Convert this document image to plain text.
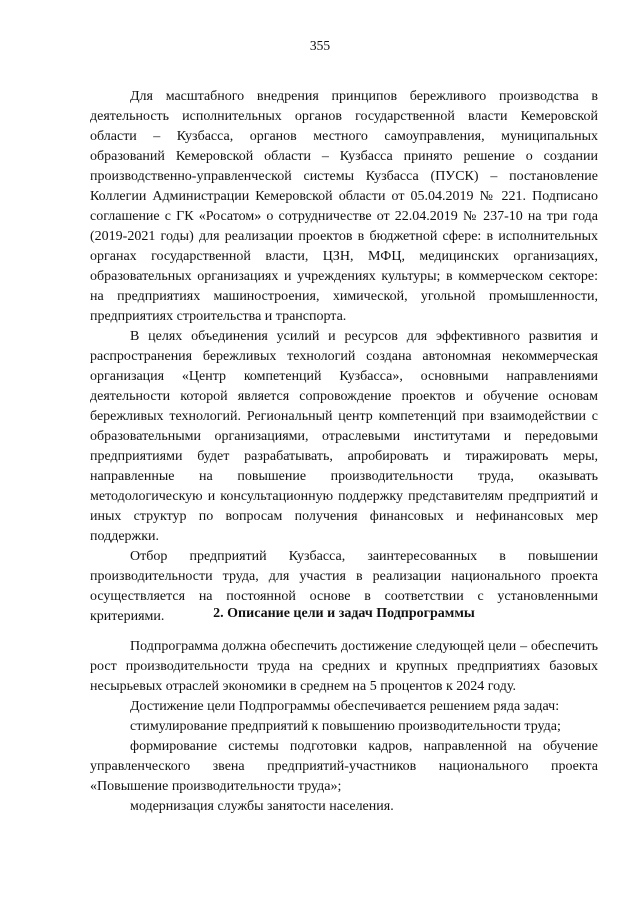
355

Для масштабного внедрения принципов бережливого производства в деятельность исполнительных органов государственной власти Кемеровской области – Кузбасса, органов местного самоуправления, муниципальных образований Кемеровской области – Кузбасса принято решение о создании производственно-управленческой системы Кузбасса (ПУСК) – постановление Коллегии Администрации Кемеровской области от 05.04.2019 № 221. Подписано соглашение с ГК «Росатом» о сотрудничестве от 22.04.2019 № 237-10 на три года (2019-2021 годы) для реализации проектов в бюджетной сфере: в исполнительных органах государственной власти, ЦЗН, МФЦ, медицинских организациях, образовательных организациях и учреждениях культуры; в коммерческом секторе: на предприятиях машиностроения, химической, угольной промышленности, предприятиях строительства и транспорта.

В целях объединения усилий и ресурсов для эффективного развития и распространения бережливых технологий создана автономная некоммерческая организация «Центр компетенций Кузбасса», основными направлениями деятельности которой является сопровождение проектов и обучение основам бережливых технологий. Региональный центр компетенций при взаимодействии с образовательными организациями, отраслевыми институтами и передовыми предприятиями будет разрабатывать, апробировать и тиражировать меры, направленные на повышение производительности труда, оказывать методологическую и консультационную поддержку представителям предприятий и иных структур по вопросам получения финансовых и нефинансовых мер поддержки.

Отбор предприятий Кузбасса, заинтересованных в повышении производительности труда, для участия в реализации национального проекта осуществляется на постоянной основе в соответствии с установленными критериями.	2. Описание цели и задач Подпрограммы

Подпрограмма должна обеспечить достижение следующей цели – обеспечить рост производительности труда на средних и крупных предприятиях базовых несырьевых отраслей экономики в среднем на 5 процентов к 2024 году.

Достижение цели Подпрограммы обеспечивается решением ряда задач:

стимулирование предприятий к повышению производительности труда;

формирование системы подготовки кадров, направленной на обучение управленческого звена предприятий-участников национального проекта «Повышение производительности труда»;

модернизация службы занятости населения.
